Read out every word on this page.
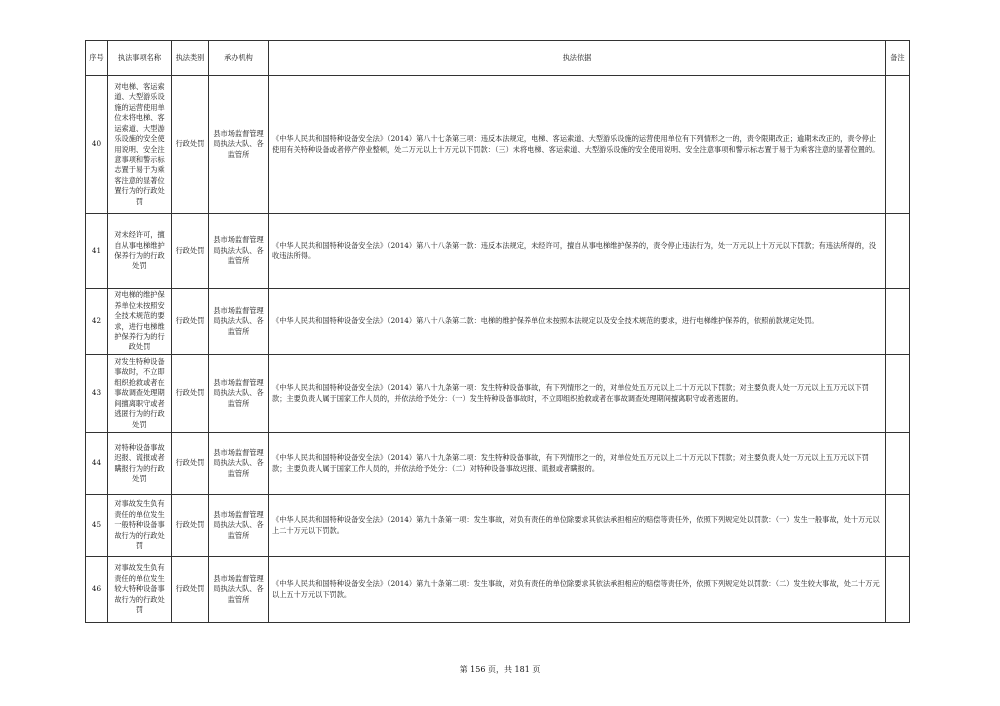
序号	执法事项名称	执法类别	承办机构	执法依据	备注
40	对电梯、客运索道、大型游乐设施的运营使用单位未将电梯、客运索道、大型游乐设施的安全使用说明、安全注意事项和警示标志置于易于为乘客注意的显著位置行为的行政处罚	行政处罚	县市场监督管理局执法大队、各监管所	《中华人民共和国特种设备安全法》（2014）第八十七条第三项：违反本法规定，电梯、客运索道、大型游乐设施的运营使用单位有下列情形之一的，责令限期改正；逾期未改正的，责令停止使用有关特种设备或者停产停业整顿，处二万元以上十万元以下罚款：（三）未将电梯、客运索道、大型游乐设施的安全使用说明、安全注意事项和警示标志置于易于为乘客注意的显著位置的。	
41	对未经许可，擅自从事电梯维护保养行为的行政处罚	行政处罚	县市场监督管理局执法大队、各监管所	《中华人民共和国特种设备安全法》（2014）第八十八条第一款：违反本法规定，未经许可，擅自从事电梯维护保养的，责令停止违法行为，处一万元以上十万元以下罚款；有违法所得的，没收违法所得。	
42	对电梯的维护保养单位未按照安全技术规范的要求，进行电梯维护保养行为的行政处罚	行政处罚	县市场监督管理局执法大队、各监管所	《中华人民共和国特种设备安全法》（2014）第八十八条第二款：电梯的维护保养单位未按照本法规定以及安全技术规范的要求，进行电梯维护保养的，依照前款规定处罚。	
43	对发生特种设备事故时，不立即组织抢救或者在事故调查处理期间擅离职守或者逃匿行为的行政处罚	行政处罚	县市场监督管理局执法大队、各监管所	《中华人民共和国特种设备安全法》（2014）第八十九条第一项：发生特种设备事故，有下列情形之一的，对单位处五万元以上二十万元以下罚款；对主要负责人处一万元以上五万元以下罚款；主要负责人属于国家工作人员的，并依法给予处分：（一）发生特种设备事故时，不立即组织抢救或者在事故调查处理期间擅离职守或者逃匿的。	
44	对特种设备事故迟报、谎报或者瞒报行为的行政处罚	行政处罚	县市场监督管理局执法大队、各监管所	《中华人民共和国特种设备安全法》（2014）第八十九条第二项：发生特种设备事故，有下列情形之一的，对单位处五万元以上二十万元以下罚款；对主要负责人处一万元以上五万元以下罚款；主要负责人属于国家工作人员的，并依法给予处分：（二）对特种设备事故迟报、谎报或者瞒报的。	
45	对事故发生负有责任的单位发生一般特种设备事故行为的行政处罚	行政处罚	县市场监督管理局执法大队、各监管所	《中华人民共和国特种设备安全法》（2014）第九十条第一项：发生事故，对负有责任的单位除要求其依法承担相应的赔偿等责任外，依照下列规定处以罚款：（一）发生一般事故，处十万元以上二十万元以下罚款。	
46	对事故发生负有责任的单位发生较大特种设备事故行为的行政处罚	行政处罚	县市场监督管理局执法大队、各监管所	《中华人民共和国特种设备安全法》（2014）第九十条第二项：发生事故，对负有责任的单位除要求其依法承担相应的赔偿等责任外，依照下列规定处以罚款：（二）发生较大事故，处二十万元以上五十万元以下罚款。	
第 156 页，共 181 页
